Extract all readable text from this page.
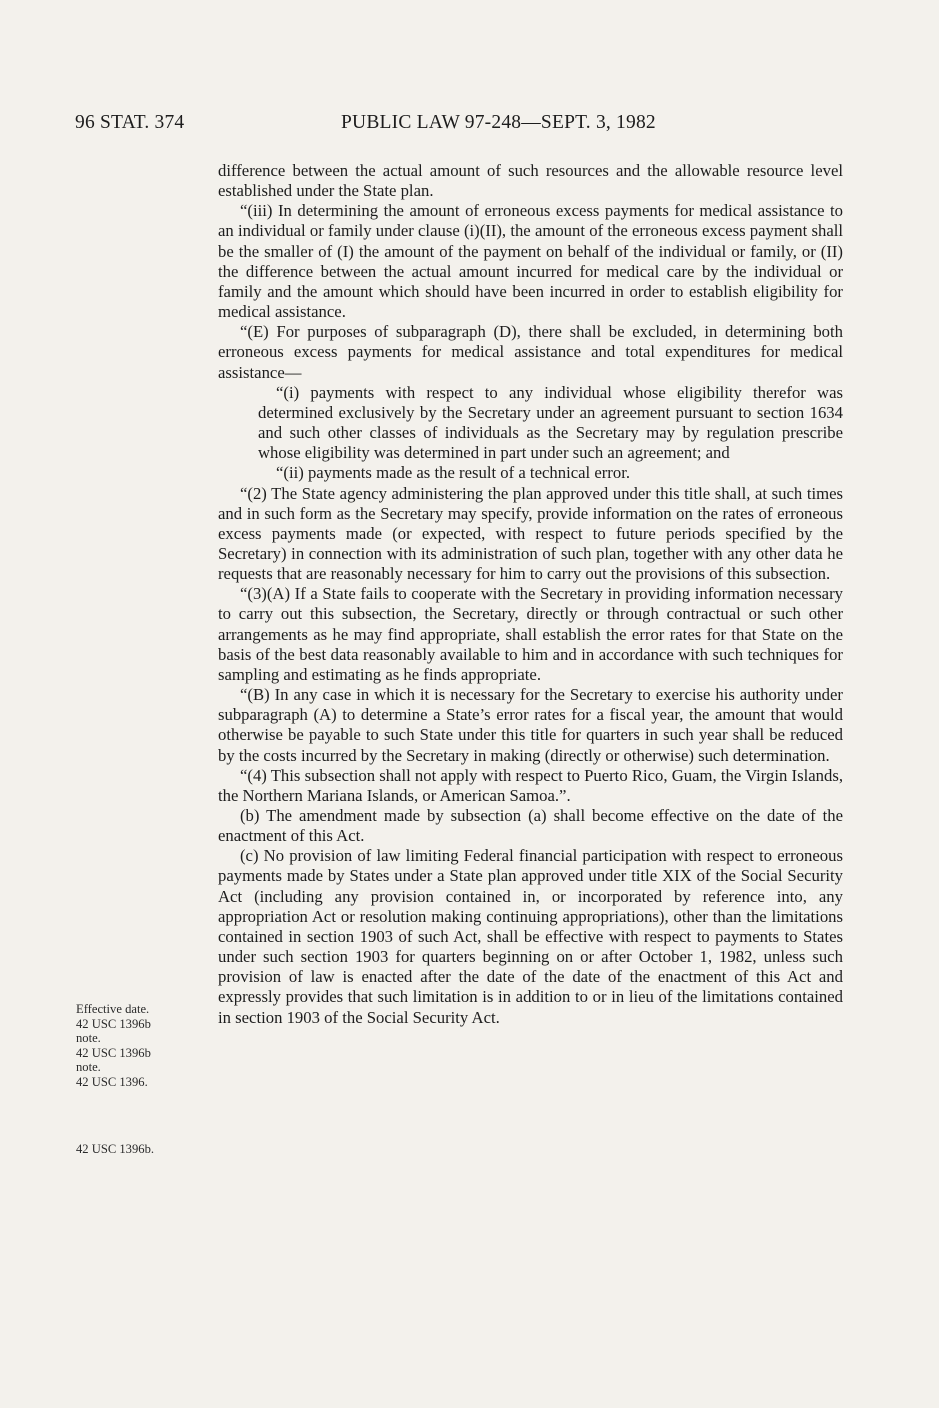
96 STAT. 374	PUBLIC LAW 97-248—SEPT. 3, 1982
Effective date.
42 USC 1396b
note.
42 USC 1396b
note.
42 USC 1396.
42 USC 1396b.

difference between the actual amount of such resources and the allowable resource level established under the State plan.

“(iii) In determining the amount of erroneous excess payments for medical assistance to an individual or family under clause (i)(II), the amount of the erroneous excess payment shall be the smaller of (I) the amount of the payment on behalf of the individual or family, or (II) the difference between the actual amount incurred for medical care by the individual or family and the amount which should have been incurred in order to establish eligibility for medical assistance.

“(E) For purposes of subparagraph (D), there shall be excluded, in determining both erroneous excess payments for medical assistance and total expenditures for medical assistance—

“(i) payments with respect to any individual whose eligibility therefor was determined exclusively by the Secretary under an agreement pursuant to section 1634 and such other classes of individuals as the Secretary may by regulation prescribe whose eligibility was determined in part under such an agreement; and

“(ii) payments made as the result of a technical error.

“(2) The State agency administering the plan approved under this title shall, at such times and in such form as the Secretary may specify, provide information on the rates of erroneous excess payments made (or expected, with respect to future periods specified by the Secretary) in connection with its administration of such plan, together with any other data he requests that are reasonably necessary for him to carry out the provisions of this subsection.

“(3)(A) If a State fails to cooperate with the Secretary in providing information necessary to carry out this subsection, the Secretary, directly or through contractual or such other arrangements as he may find appropriate, shall establish the error rates for that State on the basis of the best data reasonably available to him and in accordance with such techniques for sampling and estimating as he finds appropriate.

“(B) In any case in which it is necessary for the Secretary to exercise his authority under subparagraph (A) to determine a State’s error rates for a fiscal year, the amount that would otherwise be payable to such State under this title for quarters in such year shall be reduced by the costs incurred by the Secretary in making (directly or otherwise) such determination.

“(4) This subsection shall not apply with respect to Puerto Rico, Guam, the Virgin Islands, the Northern Mariana Islands, or American Samoa.”.

(b) The amendment made by subsection (a) shall become effective on the date of the enactment of this Act.

(c) No provision of law limiting Federal financial participation with respect to erroneous payments made by States under a State plan approved under title XIX of the Social Security Act (including any provision contained in, or incorporated by reference into, any appropriation Act or resolution making continuing appropriations), other than the limitations contained in section 1903 of such Act, shall be effective with respect to payments to States under such section 1903 for quarters beginning on or after October 1, 1982, unless such provision of law is enacted after the date of the date of the enactment of this Act and expressly provides that such limitation is in addition to or in lieu of the limitations contained in section 1903 of the Social Security Act.
